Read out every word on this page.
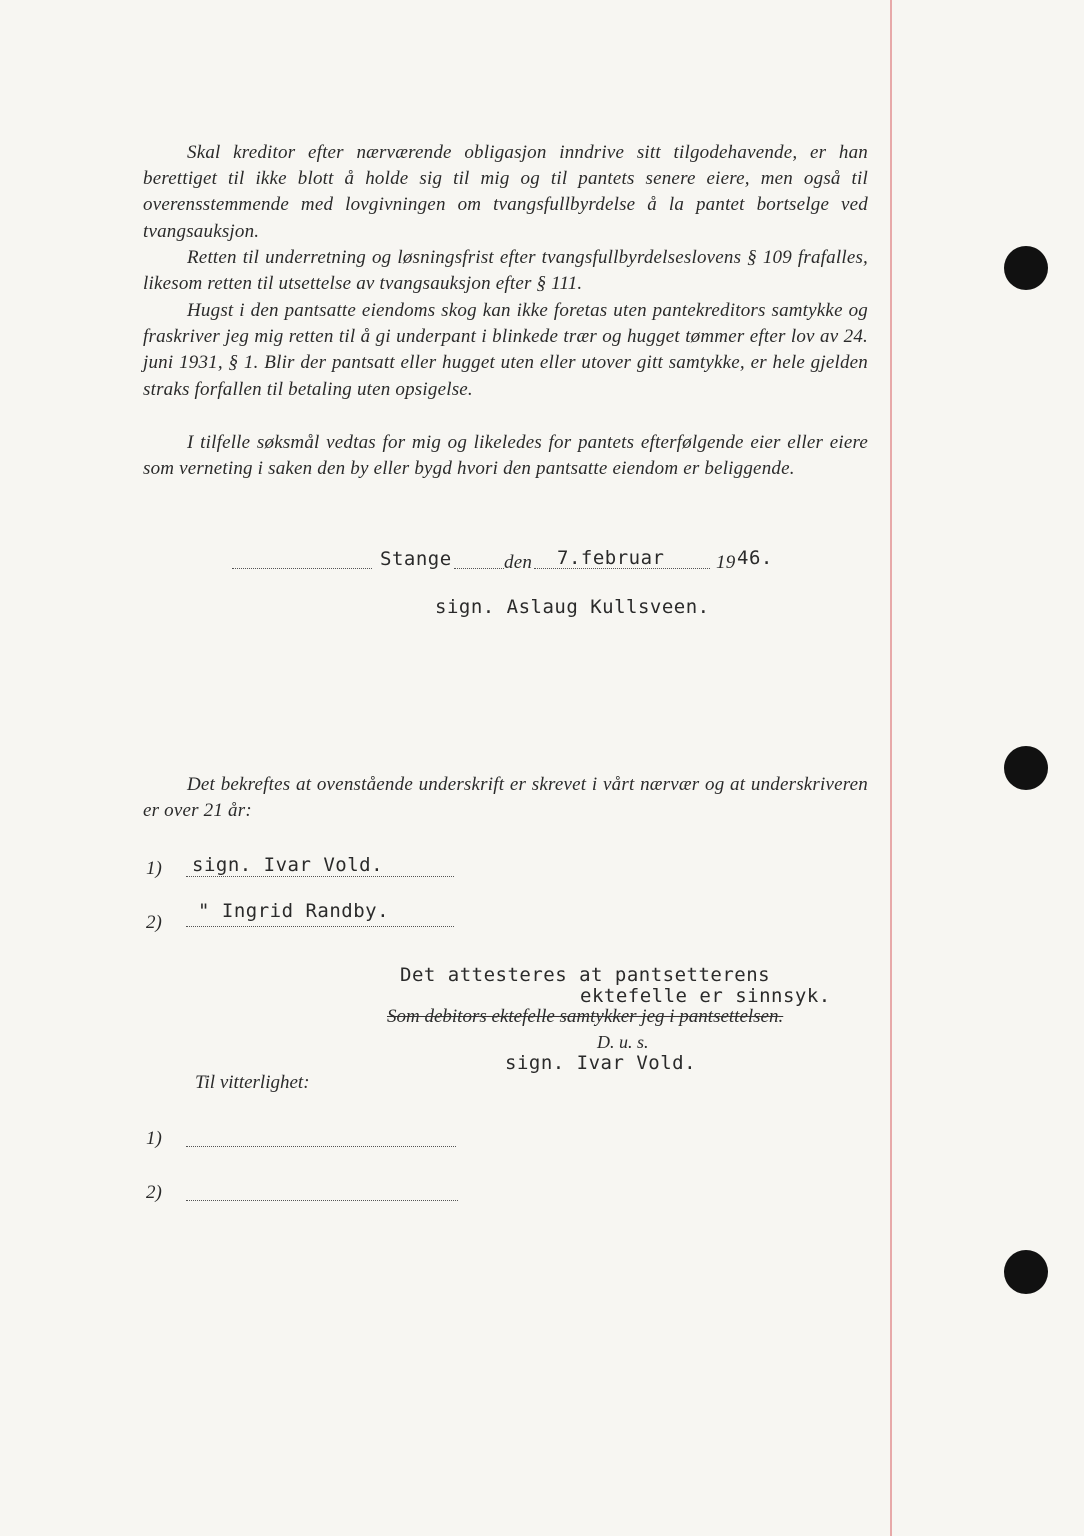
Skal kreditor efter nærværende obligasjon inndrive sitt tilgodehavende, er han berettiget til ikke blott å holde sig til mig og til pantets senere eiere, men også til overensstemmende med lovgivningen om tvangsfullbyrdelse å la pantet bortselge ved tvangsauksjon.

Retten til underretning og løsningsfrist efter tvangsfullbyrdelseslovens § 109 frafalles, likesom retten til utsettelse av tvangsauksjon efter § 111.

Hugst i den pantsatte eiendoms skog kan ikke foretas uten pantekreditors samtykke og fraskriver jeg mig retten til å gi underpant i blinkede trær og hugget tømmer efter lov av 24. juni 1931, § 1. Blir der pantsatt eller hugget uten eller utover gitt samtykke, er hele gjelden straks forfallen til betaling uten opsigelse.

I tilfelle søksmål vedtas for mig og likeledes for pantets efterfølgende eier eller eiere som verneting i saken den by eller bygd hvori den pantsatte eiendom er beliggende.

Stange	den 7.februar	19 46.
sign. Aslaug Kullsveen.

Det bekreftes at ovenstående underskrift er skrevet i vårt nærvær og at underskriveren er over 21 år:

1) sign. Ivar Vold.
2)
" Ingrid Randby.
Det attesteres at pantsetterens
ektefelle er sinnsyk.
Som debitors ektefelle samtykker jeg i pantsettelsen.
D. u. s.
sign. Ivar Vold.
Til vitterlighet:
1)
2)
